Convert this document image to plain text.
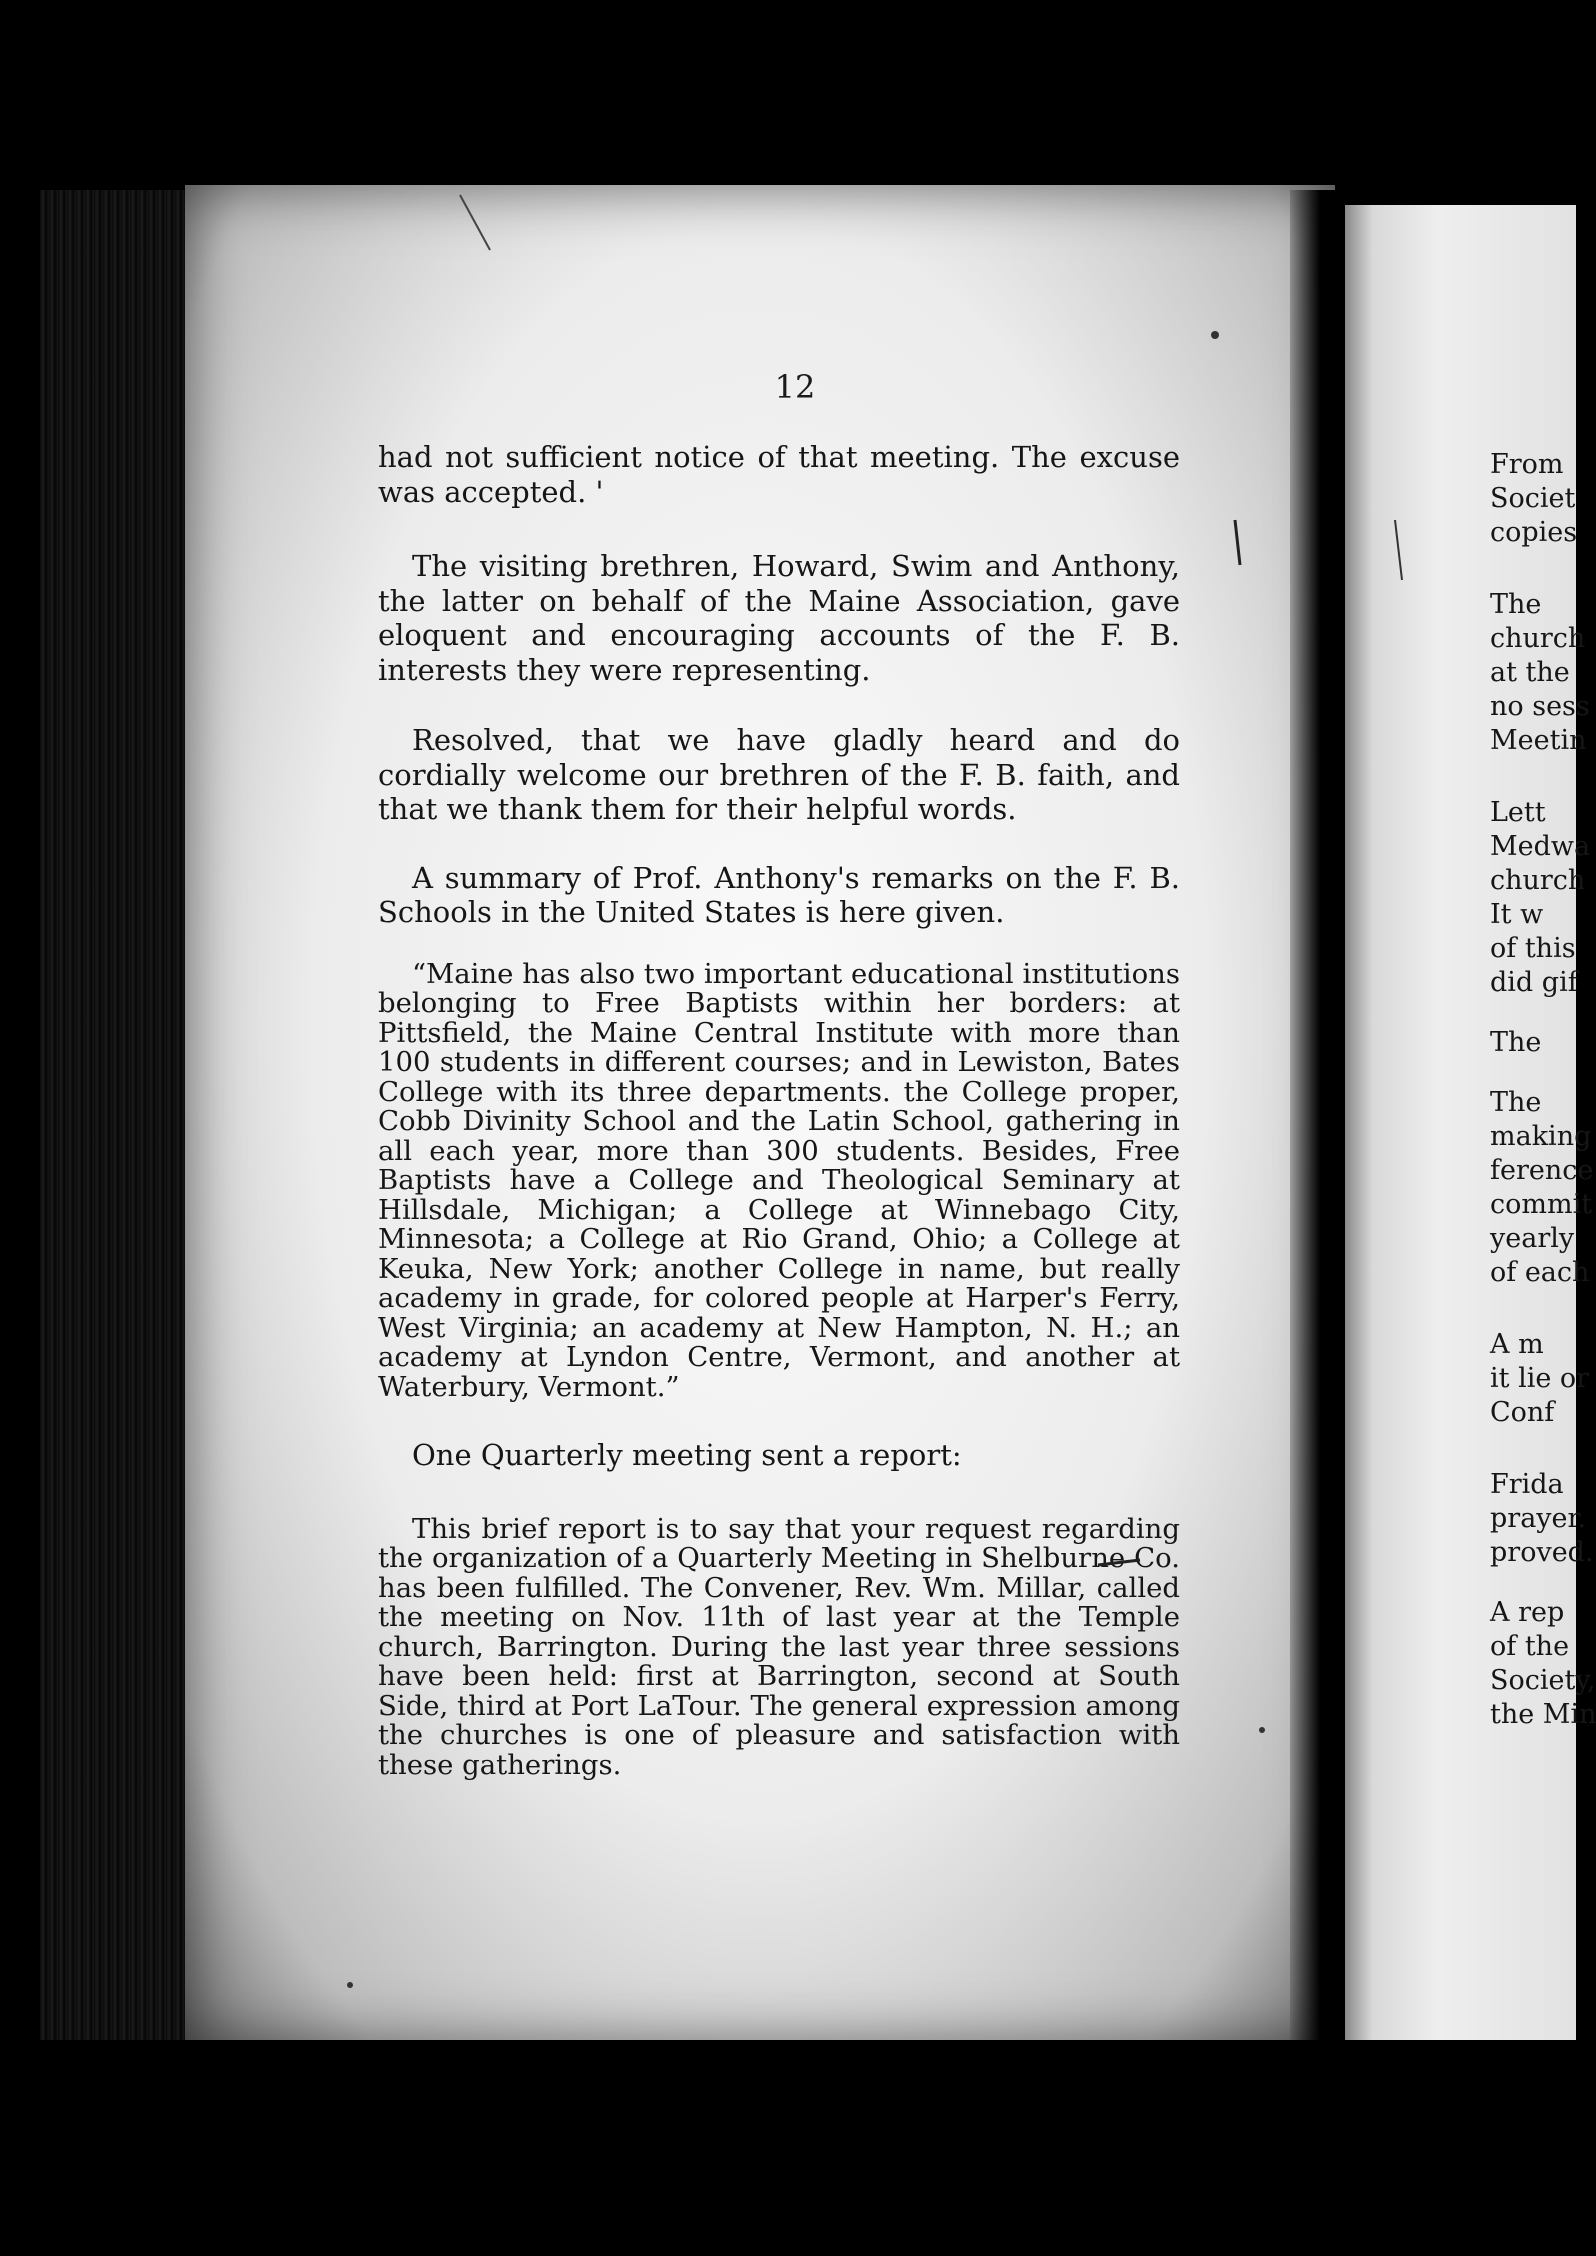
12

had not sufficient notice of that meeting. The excuse was accepted. '

The visiting brethren, Howard, Swim and Anthony, the latter on behalf of the Maine Association, gave eloquent and encouraging accounts of the F. B. interests they were representing.

Resolved, that we have gladly heard and do cordially welcome our brethren of the F. B. faith, and that we thank them for their helpful words.

A summary of Prof. Anthony's remarks on the F. B. Schools in the United States is here given.

“Maine has also two important educational institutions belonging to Free Baptists within her borders: at Pittsfield, the Maine Central Institute with more than 100 students in different courses; and in Lewiston, Bates College with its three departments. the College proper, Cobb Divinity School and the Latin School, gathering in all each year, more than 300 students. Besides, Free Baptists have a College and Theological Seminary at Hillsdale, Michigan; a College at Winnebago City, Minnesota; a College at Rio Grand, Ohio; a College at Keuka, New York; another College in name, but really academy in grade, for colored people at Harper's Ferry, West Virginia; an academy at New Hampton, N. H.; an academy at Lyndon Centre, Vermont, and another at Waterbury, Vermont.”

One Quarterly meeting sent a report:

This brief report is to say that your request regarding the organization of a Quarterly Meeting in Shelburne Co. has been fulfilled. The Convener, Rev. Wm. Millar, called the meeting on Nov. 11th of last year at the Temple church, Barrington. During the last year three sessions have been held: first at Barrington, second at South Side, third at Port LaTour. The general expression among the churches is one of pleasure and satisfaction with these gatherings.

From
Societ
copies
The
church
at the
no sess
Meetin
Lett
Medwa
church
It w
of this
did gif
The
The
making
ference
commit
yearly
of each
A m
it lie or
Conf
Frida
prayer.
proved.
A rep
of the
Society,
the Min
